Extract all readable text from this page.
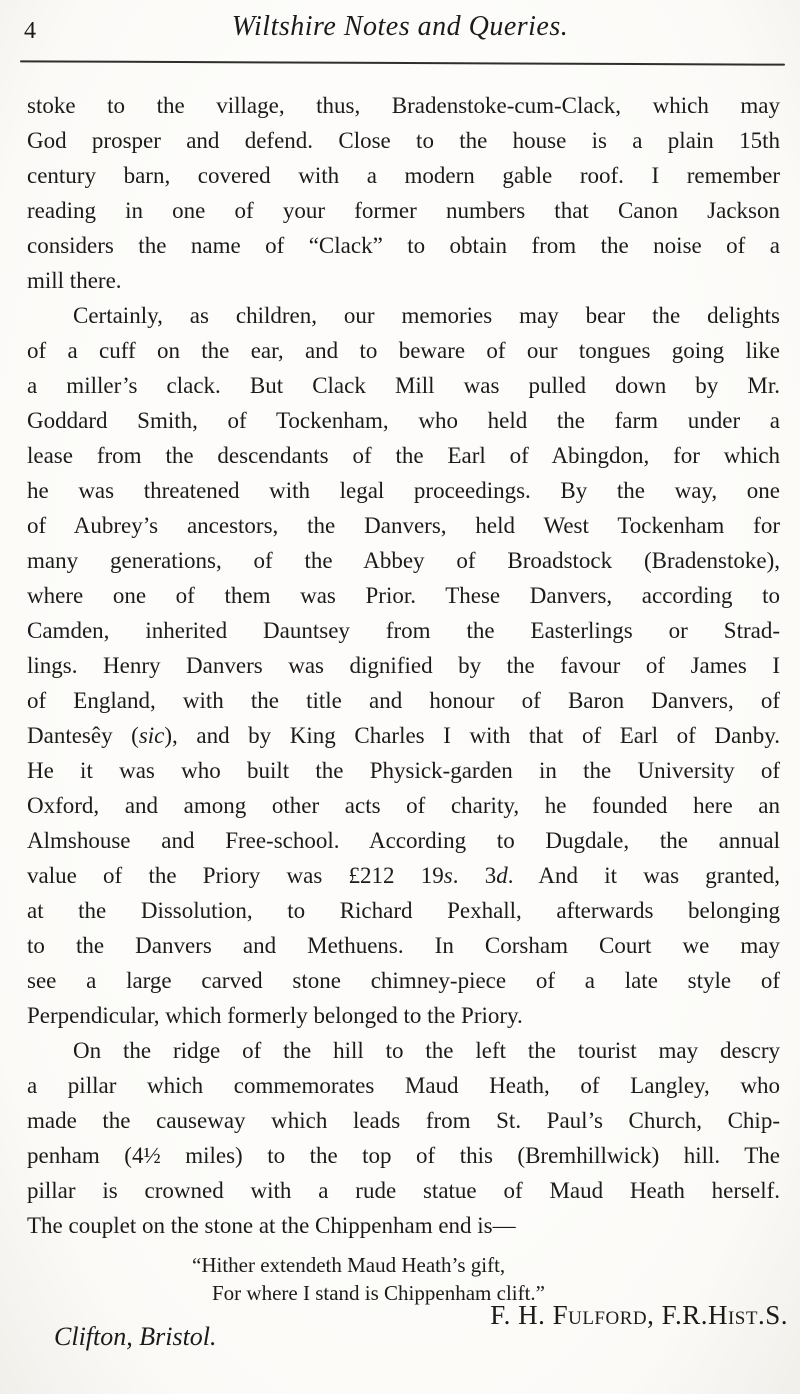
4	Wiltshire Notes and Queries.
stoke to the village, thus, Bradenstoke-cum-Clack, which may
God prosper and defend. Close to the house is a plain 15th
century barn, covered with a modern gable roof. I remember
reading in one of your former numbers that Canon Jackson
considers the name of “Clack” to obtain from the noise of a
mill there.
Certainly, as children, our memories may bear the delights
of a cuff on the ear, and to beware of our tongues going like
a miller’s clack. But Clack Mill was pulled down by Mr.
Goddard Smith, of Tockenham, who held the farm under a
lease from the descendants of the Earl of Abingdon, for which
he was threatened with legal proceedings. By the way, one
of Aubrey’s ancestors, the Danvers, held West Tockenham for
many generations, of the Abbey of Broadstock (Bradenstoke),
where one of them was Prior. These Danvers, according to
Camden, inherited Dauntsey from the Easterlings or Strad-
lings. Henry Danvers was dignified by the favour of James I
of England, with the title and honour of Baron Danvers, of
Dantesêy (sic), and by King Charles I with that of Earl of Danby.
He it was who built the Physick-garden in the University of
Oxford, and among other acts of charity, he founded here an
Almshouse and Free-school. According to Dugdale, the annual
value of the Priory was £212 19s. 3d. And it was granted,
at the Dissolution, to Richard Pexhall, afterwards belonging
to the Danvers and Methuens. In Corsham Court we may
see a large carved stone chimney-piece of a late style of
Perpendicular, which formerly belonged to the Priory.
On the ridge of the hill to the left the tourist may descry
a pillar which commemorates Maud Heath, of Langley, who
made the causeway which leads from St. Paul’s Church, Chip-
penham (4½ miles) to the top of this (Bremhillwick) hill. The
pillar is crowned with a rude statue of Maud Heath herself.
The couplet on the stone at the Chippenham end is—
“Hither extendeth Maud Heath’s gift,
For where I stand is Chippenham clift.”
F. H. Fulford, F.R.Hist.S.
Clifton, Bristol.
